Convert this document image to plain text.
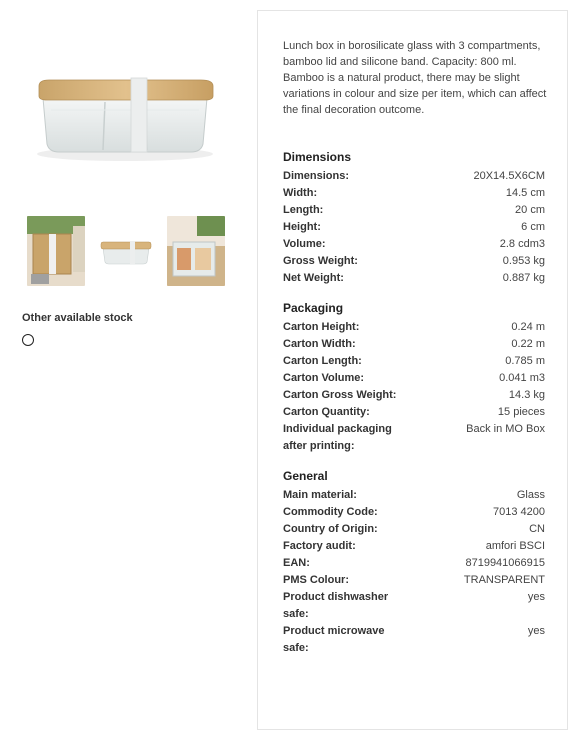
Other available stock
Lunch box in borosilicate glass with 3 compartments, bamboo lid and silicone band. Capacity: 800 ml. Bamboo is a natural product, there may be slight variations in colour and size per item, which can affect the final decoration outcome.
Dimensions
Dimensions:	20X14.5X6CM
Width:	14.5 cm
Length:	20 cm
Height:	6 cm
Volume:	2.8 cdm3
Gross Weight:	0.953 kg
Net Weight:	0.887 kg
Packaging
Carton Height:	0.24 m
Carton Width:	0.22 m
Carton Length:	0.785 m
Carton Volume:	0.041 m3
Carton Gross Weight:	14.3 kg
Carton Quantity:	15 pieces
Individual packaging after printing:
Back in MO Box
General
Main material:	Glass
Commodity Code:	7013 4200
Country of Origin:	CN
Factory audit:	amfori BSCI
EAN:	8719941066915
PMS Colour:	TRANSPARENT
Product dishwasher safe:
yes
Product microwave safe:
yes
